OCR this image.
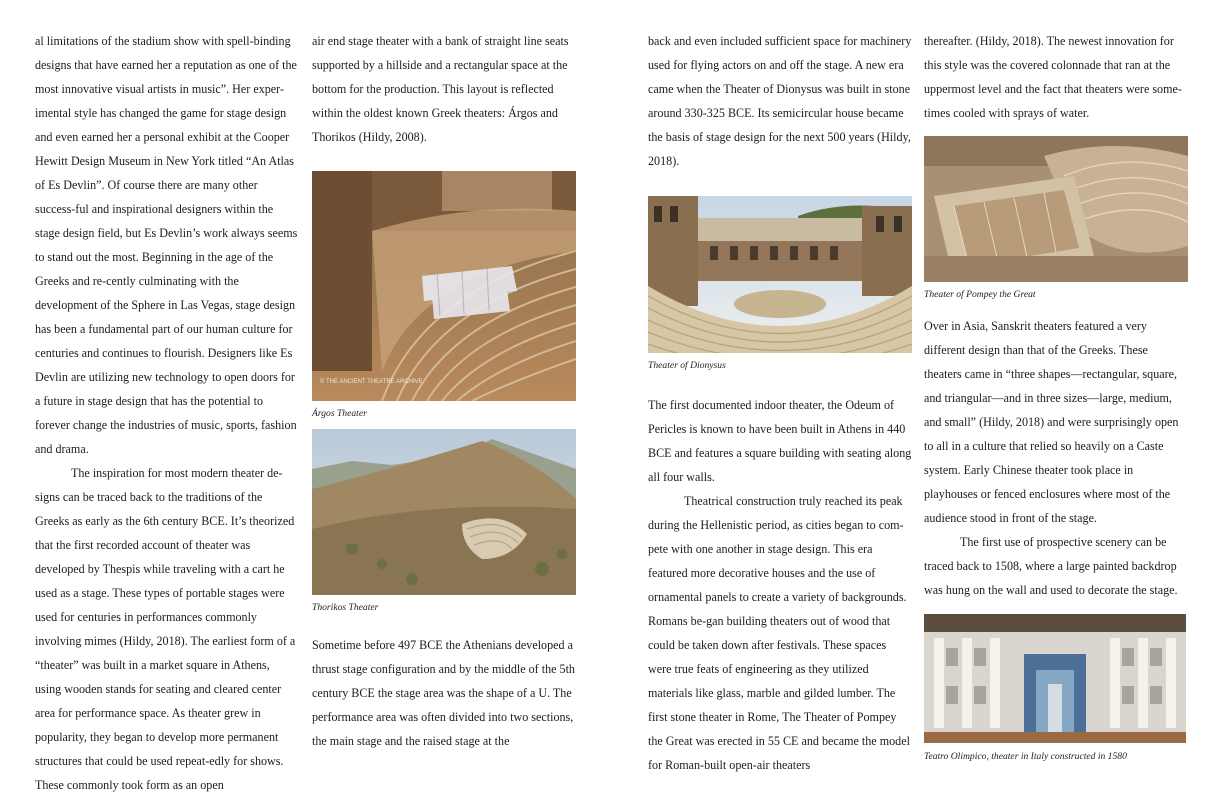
al limitations of the stadium show with spell-binding designs that have earned her a reputation as one of the most innovative visual artists in music”. Her exper-imental style has changed the game for stage design and even earned her a personal exhibit at the Cooper Hewitt Design Museum in New York titled “An Atlas of Es Devlin”. Of course there are many other success-ful and inspirational designers within the stage design field, but Es Devlin’s work always seems to stand out the most. Beginning in the age of the Greeks and re-cently culminating with the development of the Sphere in Las Vegas, stage design has been a fundamental part of our human culture for centuries and continues to flourish. Designers like Es Devlin are utilizing new technology to open doors for a future in stage design that has the potential to forever change the industries of music, sports, fashion and drama.

The inspiration for most modern theater de-signs can be traced back to the traditions of the Greeks as early as the 6th century BCE. It’s theorized that the first recorded account of theater was developed by Thespis while traveling with a cart he used as a stage. These types of portable stages were used for centuries in performances commonly involving mimes (Hildy, 2018). The earliest form of a “theater” was built in a market square in Athens, using wooden stands for seating and cleared center area for performance space. As theater grew in popularity, they began to develop more permanent structures that could be used repeat-edly for shows. These commonly took form as an open

air end stage theater with a bank of straight line seats supported by a hillside and a rectangular space at the bottom for the production. This layout is reflected within the oldest known Greek theaters: Árgos and Thorikos (Hildy, 2008).

© THE ANCIENT THEATRE ARCHIVE
Árgos Theater
Thorikos Theater

Sometime before 497 BCE the Athenians developed a thrust stage configuration and by the middle of the 5th century BCE the stage area was the shape of a U. The performance area was often divided into two sections, the main stage and the raised stage at the

back and even included sufficient space for machinery used for flying actors on and off the stage. A new era came when the Theater of Dionysus was built in stone around 330-325 BCE. Its semicircular house became the basis of stage design for the next 500 years (Hildy, 2018).

Theater of Dionysus

The first documented indoor theater, the Odeum of Pericles is known to have been built in Athens in 440 BCE and features a square building with seating along all four walls.

Theatrical construction truly reached its peak during the Hellenistic period, as cities began to com-pete with one another in stage design. This era featured more decorative houses and the use of ornamental panels to create a variety of backgrounds. Romans be-gan building theaters out of wood that could be taken down after festivals. These spaces were true feats of engineering as they utilized materials like glass, marble and gilded lumber. The first stone theater in Rome, The Theater of Pompey the Great was erected in 55 CE and became the model for Roman-built open-air theaters

thereafter. (Hildy, 2018). The newest innovation for this style was the covered colonnade that ran at the uppermost level and the fact that theaters were some-times cooled with sprays of water.

Theater of Pompey the Great

Over in Asia, Sanskrit theaters featured a very different design than that of the Greeks. These theaters came in “three shapes—rectangular, square, and triangular—and in three sizes—large, medium, and small” (Hildy, 2018) and were surprisingly open to all in a culture that relied so heavily on a Caste system. Early Chinese theater took place in playhouses or fenced enclosures where most of the audience stood in front of the stage.

The first use of prospective scenery can be traced back to 1508, where a large painted backdrop was hung on the wall and used to decorate the stage.

Teatro Olimpico, theater in Italy constructed in 1580
